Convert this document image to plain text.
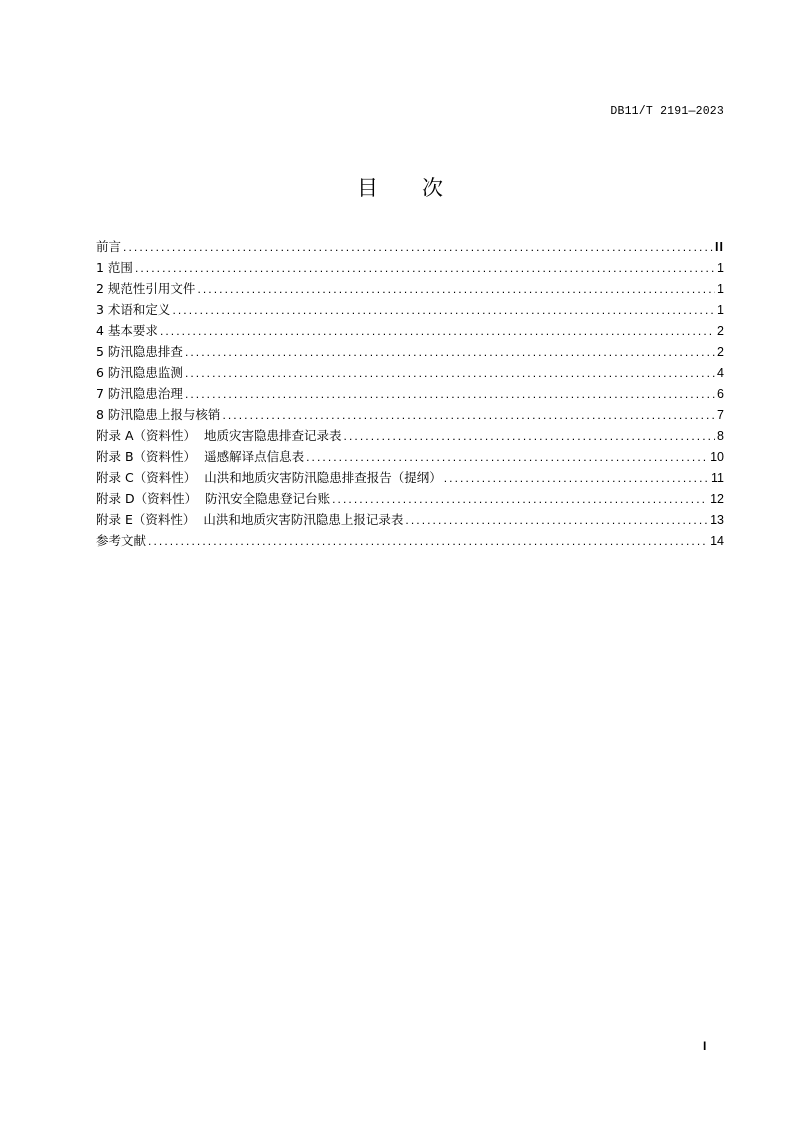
DB11/T 2191—2023
目 次
前言 .....	II
1 范围 .....	1
2 规范性引用文件 .....	1
3 术语和定义 .....	1
4 基本要求 .....	2
5 防汛隐患排查 .....	2
6 防汛隐患监测 .....	4
7 防汛隐患治理 .....	6
8 防汛隐患上报与核销 .....	7
附录 A（资料性） 地质灾害隐患排查记录表 .....	8
附录 B（资料性） 遥感解译点信息表 .....	10
附录 C（资料性） 山洪和地质灾害防汛隐患排查报告（提纲） .....	11
附录 D（资料性） 防汛安全隐患登记台账 .....	12
附录 E（资料性） 山洪和地质灾害防汛隐患上报记录表 .....	13
参考文献 .....	14
I
